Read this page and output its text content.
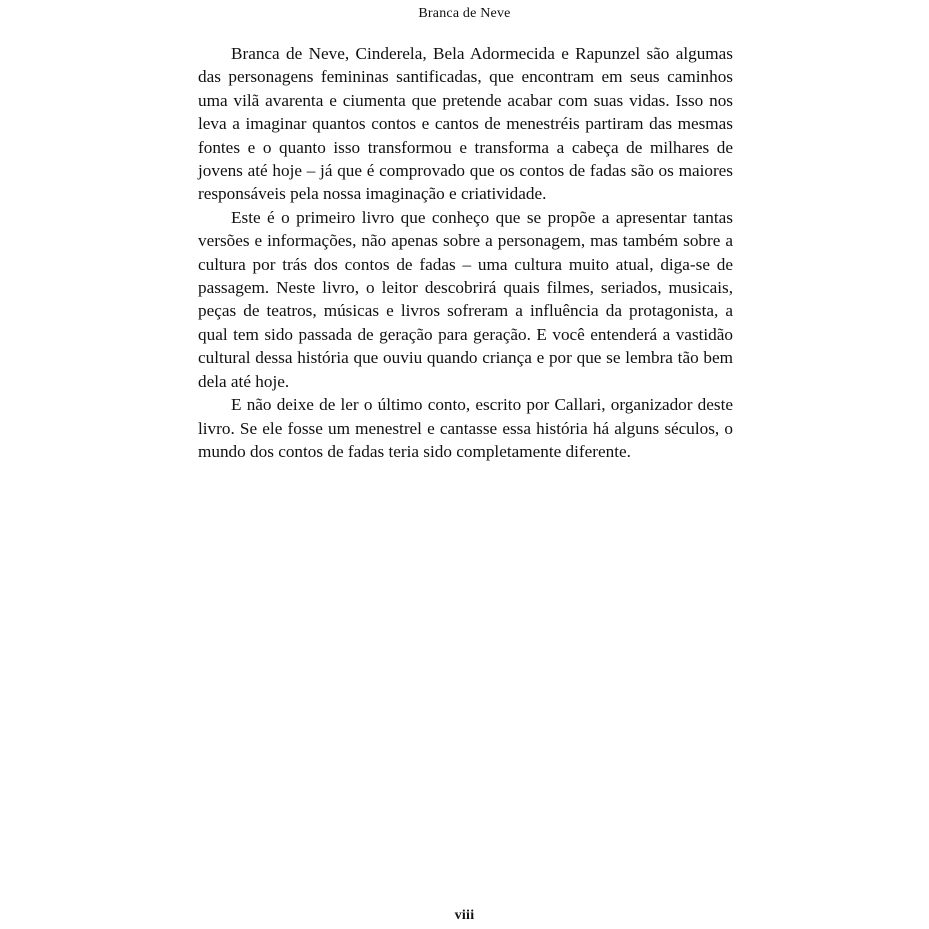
Branca de Neve

Branca de Neve, Cinderela, Bela Adormecida e Rapunzel são algumas das personagens femininas santificadas, que encontram em seus caminhos uma vilã avarenta e ciumenta que pretende acabar com suas vidas. Isso nos leva a imaginar quantos contos e cantos de menestréis partiram das mesmas fontes e o quanto isso transformou e transforma a cabeça de milhares de jovens até hoje – já que é comprovado que os contos de fadas são os maiores responsáveis pela nossa imaginação e criatividade.

Este é o primeiro livro que conheço que se propõe a apresentar tantas versões e informações, não apenas sobre a personagem, mas também sobre a cultura por trás dos contos de fadas – uma cultura muito atual, diga-se de passagem. Neste livro, o leitor descobrirá quais filmes, seriados, musicais, peças de teatros, músicas e livros sofreram a influência da protagonista, a qual tem sido passada de geração para geração. E você entenderá a vastidão cultural dessa história que ouviu quando criança e por que se lembra tão bem dela até hoje.

E não deixe de ler o último conto, escrito por Callari, organizador deste livro. Se ele fosse um menestrel e cantasse essa história há alguns séculos, o mundo dos contos de fadas teria sido completamente diferente.

viii
